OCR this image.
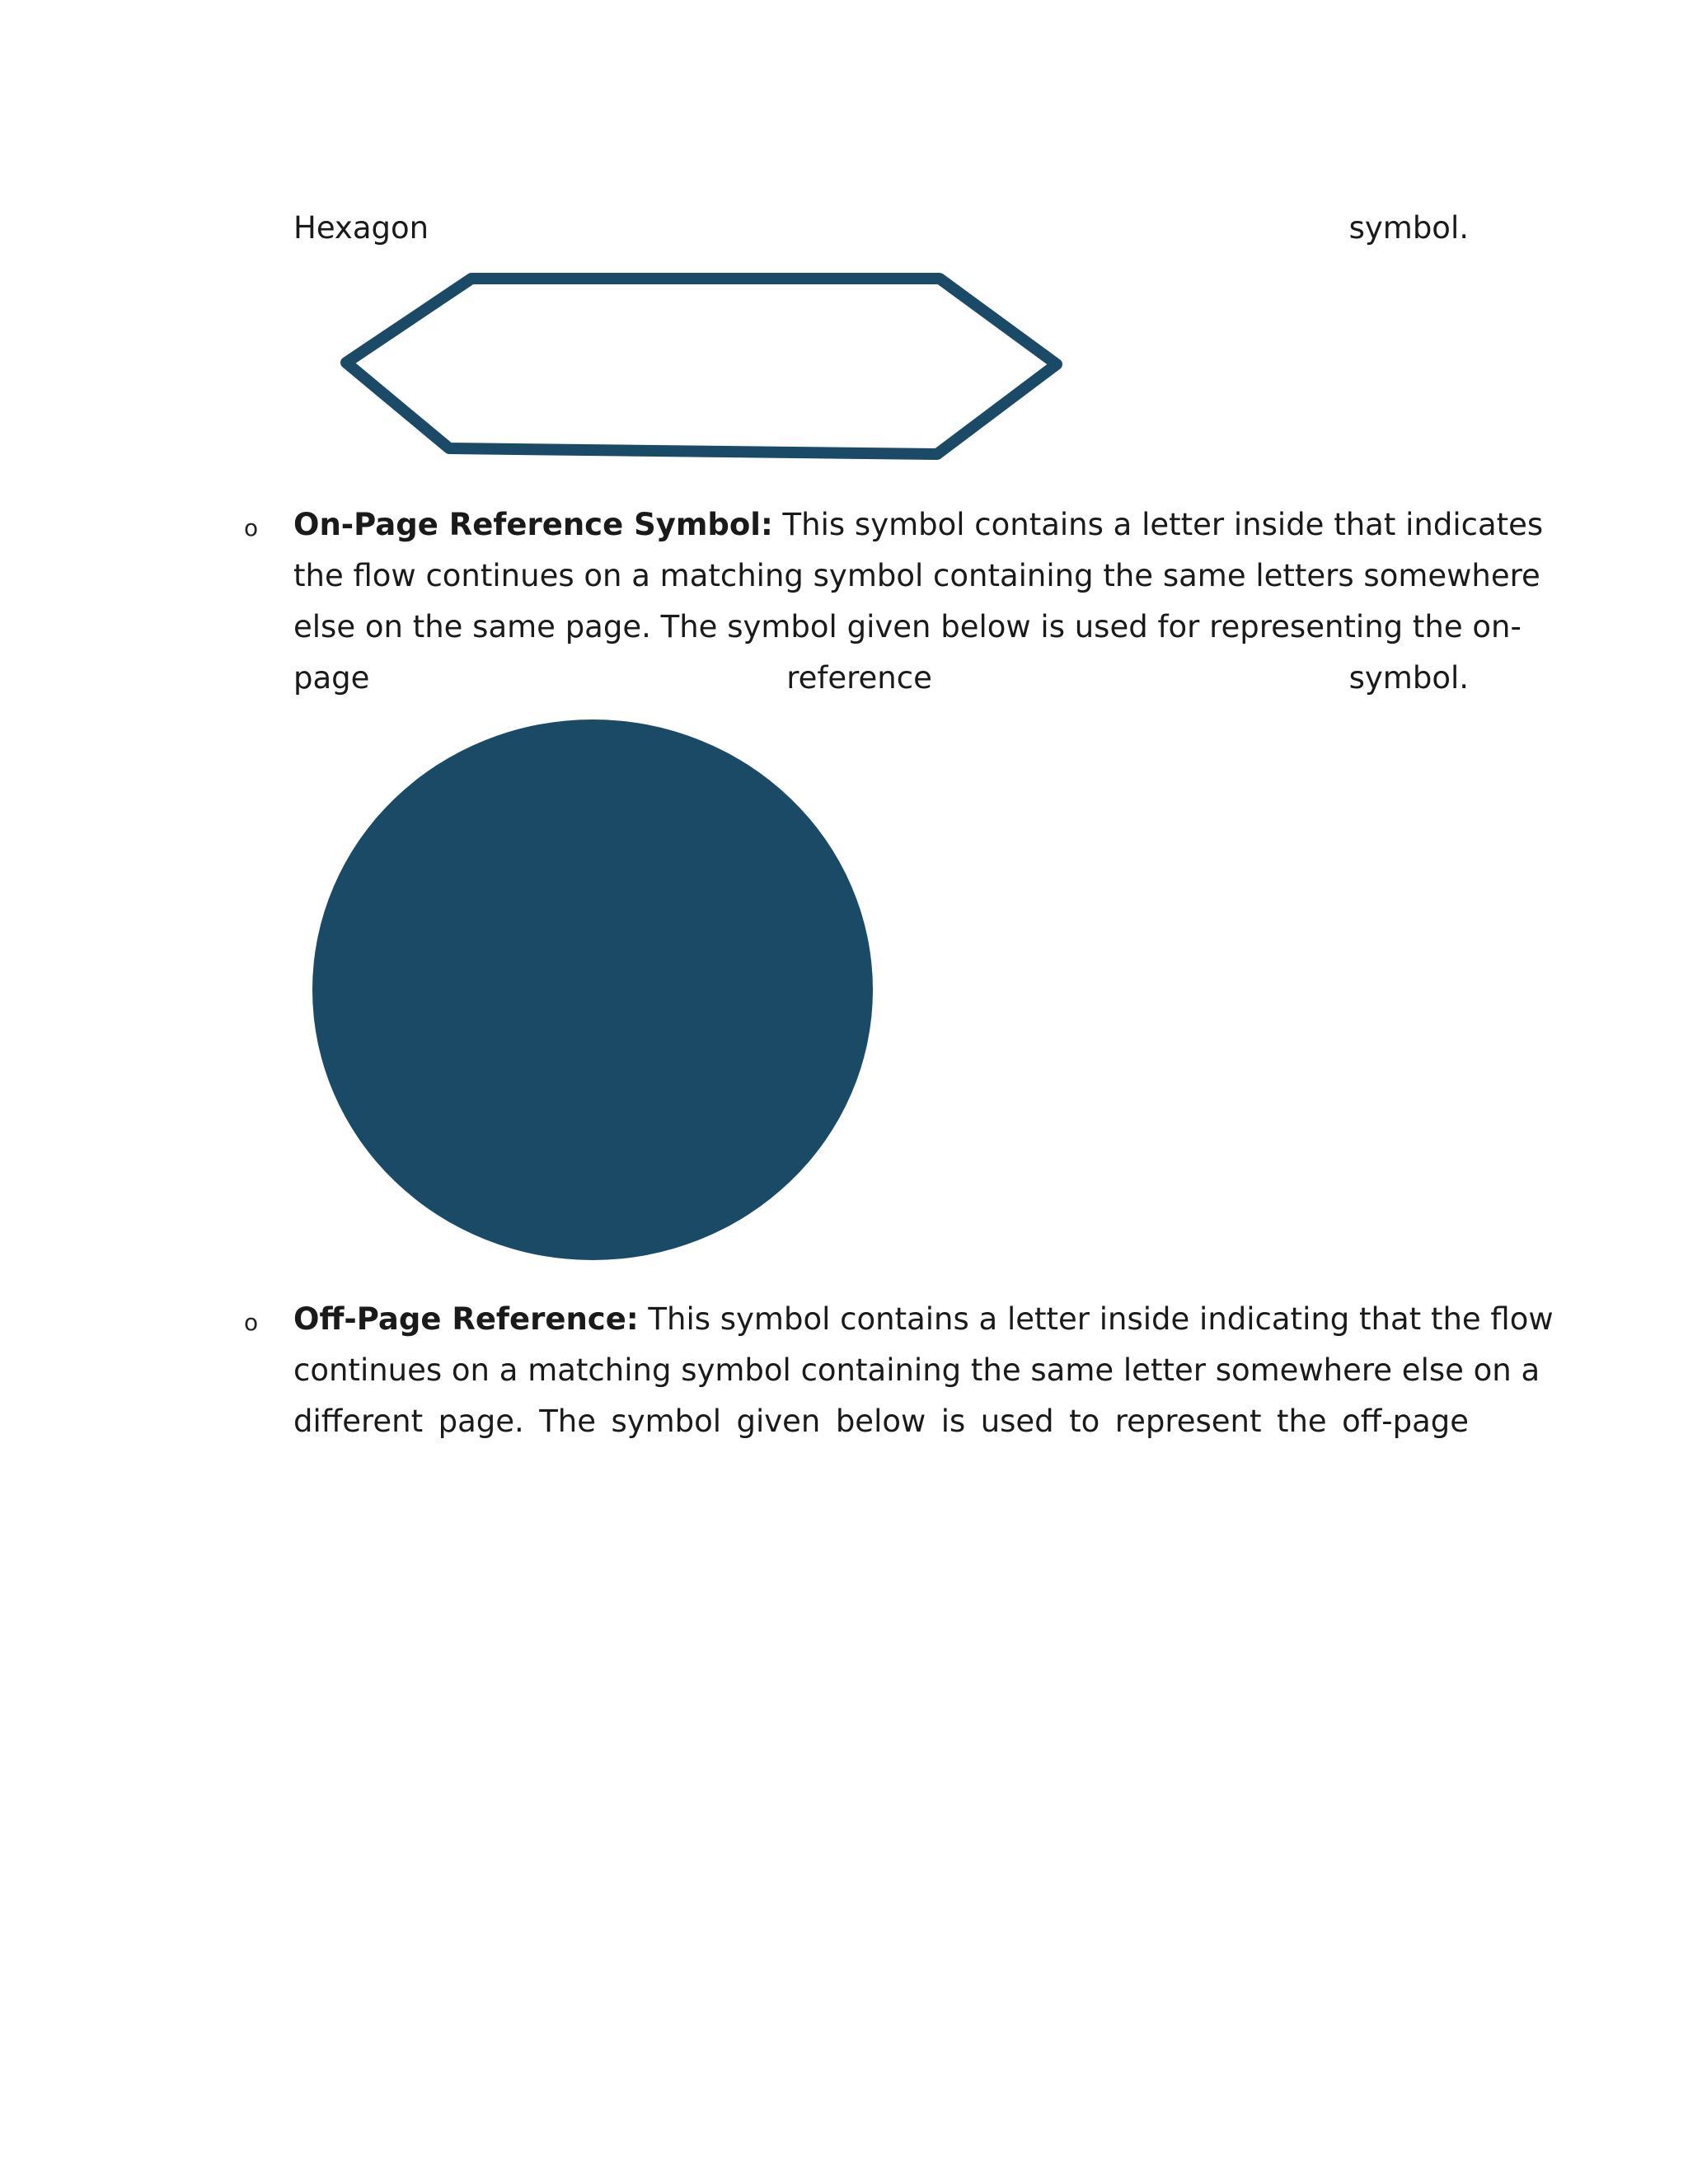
Hexagon	symbol.
o On-Page Reference Symbol: This symbol contains a letter inside that indicates
the flow continues on a matching symbol containing the same letters somewhere
else on the same page. The symbol given below is used for representing the on-
page	reference	symbol.
o Off-Page Reference: This symbol contains a letter inside indicating that the flow
continues on a matching symbol containing the same letter somewhere else on a
different page. The symbol given below is used to represent the off-page
